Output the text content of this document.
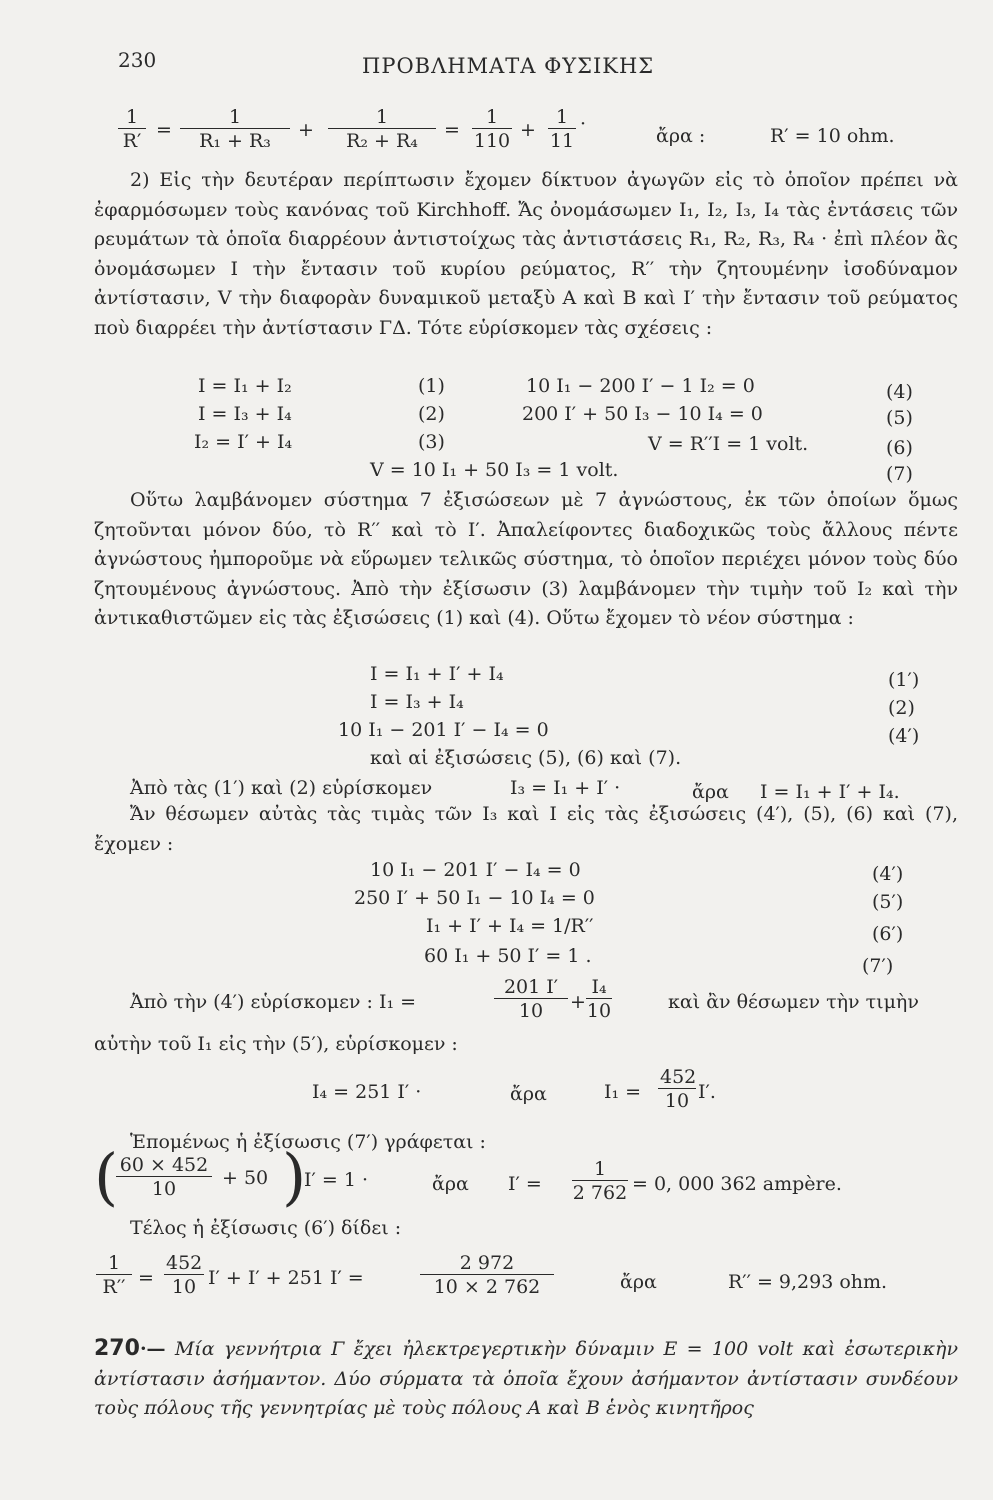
230	ΠΡΟΒΛΗΜΑΤΑ ΦΥΣΙΚΗΣ
$\frac{1}{R'} = \frac{1}{\text{R₁ + R₃}} + \frac{1}{\text{R₂ + R₄}} = \frac{1}{110} + \frac{1}{11}$ ·
ἄρα :	R′ = 10 ohm.
2) Εἰς τὴν δευτέραν περίπτωσιν ἔχομεν δίκτυον ἀγωγῶν εἰς τὸ ὁποῖον πρέπει νὰ ἐφαρμόσωμεν τοὺς κανόνας τοῦ Kirchhoff. Ἄς ὀνομάσωμεν I₁, I₂, I₃, I₄ τὰς ἐντάσεις τῶν ρευμάτων τὰ ὁποῖα διαρρέουν ἀντιστοίχως τὰς ἀντιστάσεις R₁, R₂, R₃, R₄ · ἐπὶ πλέον ἂς ὀνομάσωμεν I τὴν ἔντασιν τοῦ κυρίου ρεύματος, R′′ τὴν ζητουμένην ἰσοδύναμον ἀντίστασιν, V τὴν διαφορὰν δυναμικοῦ μεταξὺ A καὶ B καὶ I′ τὴν ἔντασιν τοῦ ρεύματος ποὺ διαρρέει τὴν ἀντίστασιν ΓΔ. Τότε εὑρίσκομεν τὰς σχέσεις :
I = I₁ + I₂	(1)
I = I₃ + I₄	(2)
I₂ = I′ + I₄	(3)
10 I₁ − 200 I′ − 1 I₂ = 0	(4)
200 I′ + 50 I₃ − 10 I₄ = 0	(5)
V = R′′I = 1 volt.	(6)
V = 10 I₁ + 50 I₃ = 1 volt.	(7)
Οὕτω λαμβάνομεν σύστημα 7 ἐξισώσεων μὲ 7 ἀγνώστους, ἐκ τῶν ὁποίων ὅμως ζητοῦνται μόνον δύο, τὸ R′′ καὶ τὸ I′. Ἀπαλείφοντες διαδοχικῶς τοὺς ἄλλους πέντε ἀγνώστους ἠμποροῦμε νὰ εὕρωμεν τελικῶς σύστημα, τὸ ὁποῖον περιέχει μόνον τοὺς δύο ζητουμένους ἀγνώστους. Ἀπὸ τὴν ἐξίσωσιν (3) λαμβάνομεν τὴν τιμὴν τοῦ I₂ καὶ τὴν ἀντικαθιστῶμεν εἰς τὰς ἐξισώσεις (1) καὶ (4). Οὕτω ἔχομεν τὸ νέον σύστημα :
I = I₁ + I′ + I₄	(1′)
I = I₃ + I₄	(2)
10 I₁ − 201 I′ − I₄ = 0	(4′)
καὶ αἱ ἐξισώσεις (5), (6) καὶ (7).
Ἀπὸ τὰς (1′) καὶ (2) εὑρίσκομεν	I₃ = I₁ + I′ ·	ἄρα I = I₁ + I′ + I₄.
Ἄν θέσωμεν αὐτὰς τὰς τιμὰς τῶν I₃ καὶ I εἰς τὰς ἐξισώσεις (4′), (5), (6) καὶ (7), ἔχομεν :
10 I₁ − 201 I′ − I₄ = 0	(4′)
250 I′ + 50 I₁ − 10 I₄ = 0	(5′)
I₁ + I′ + I₄ = 1/R′′	(6′)
60 I₁ + 50 I′ = 1 .	(7′)
Ἀπὸ τὴν (4′) εὑρίσκομεν : I₁ =	$\frac{201 I'}{10} + \frac{\text{I₄}}{10}$	καὶ ἂν θέσωμεν τὴν τιμὴν
αὐτὴν τοῦ I₁ εἰς τὴν (5′), εὑρίσκομεν :
I₄ = 251 I′ ·	ἄρα	$I_1 = \frac{452}{10} I'$.
Ἑπομένως ἡ ἐξίσωσις (7′) γράφεται :
(
$\frac{60 \times 452}{10} + 50$ )
I′ = 1 ·	ἄρα $I' = \frac{1}{2 762} = 0$, 000 362 ampère.
Τέλος ἡ ἐξίσωσις (6′) δίδει :
$\frac{1}{R''} = \frac{452}{10} I' + I' + 251$ I′ =	$\frac{2 972}{10 \times 2 762}$	ἄρα	R′′ = 9,293 ohm.
270·— Μία γεννήτρια Γ ἔχει ἠλεκτρεγερτικὴν δύναμιν E = 100 volt καὶ ἐσωτερικὴν ἀντίστασιν ἀσήμαντον. Δύο σύρματα τὰ ὁποῖα ἔχουν ἀσήμαντον ἀντίστασιν συνδέουν τοὺς πόλους τῆς γεννητρίας μὲ τοὺς πόλους A καὶ B ἑνὸς κινητῆρος
